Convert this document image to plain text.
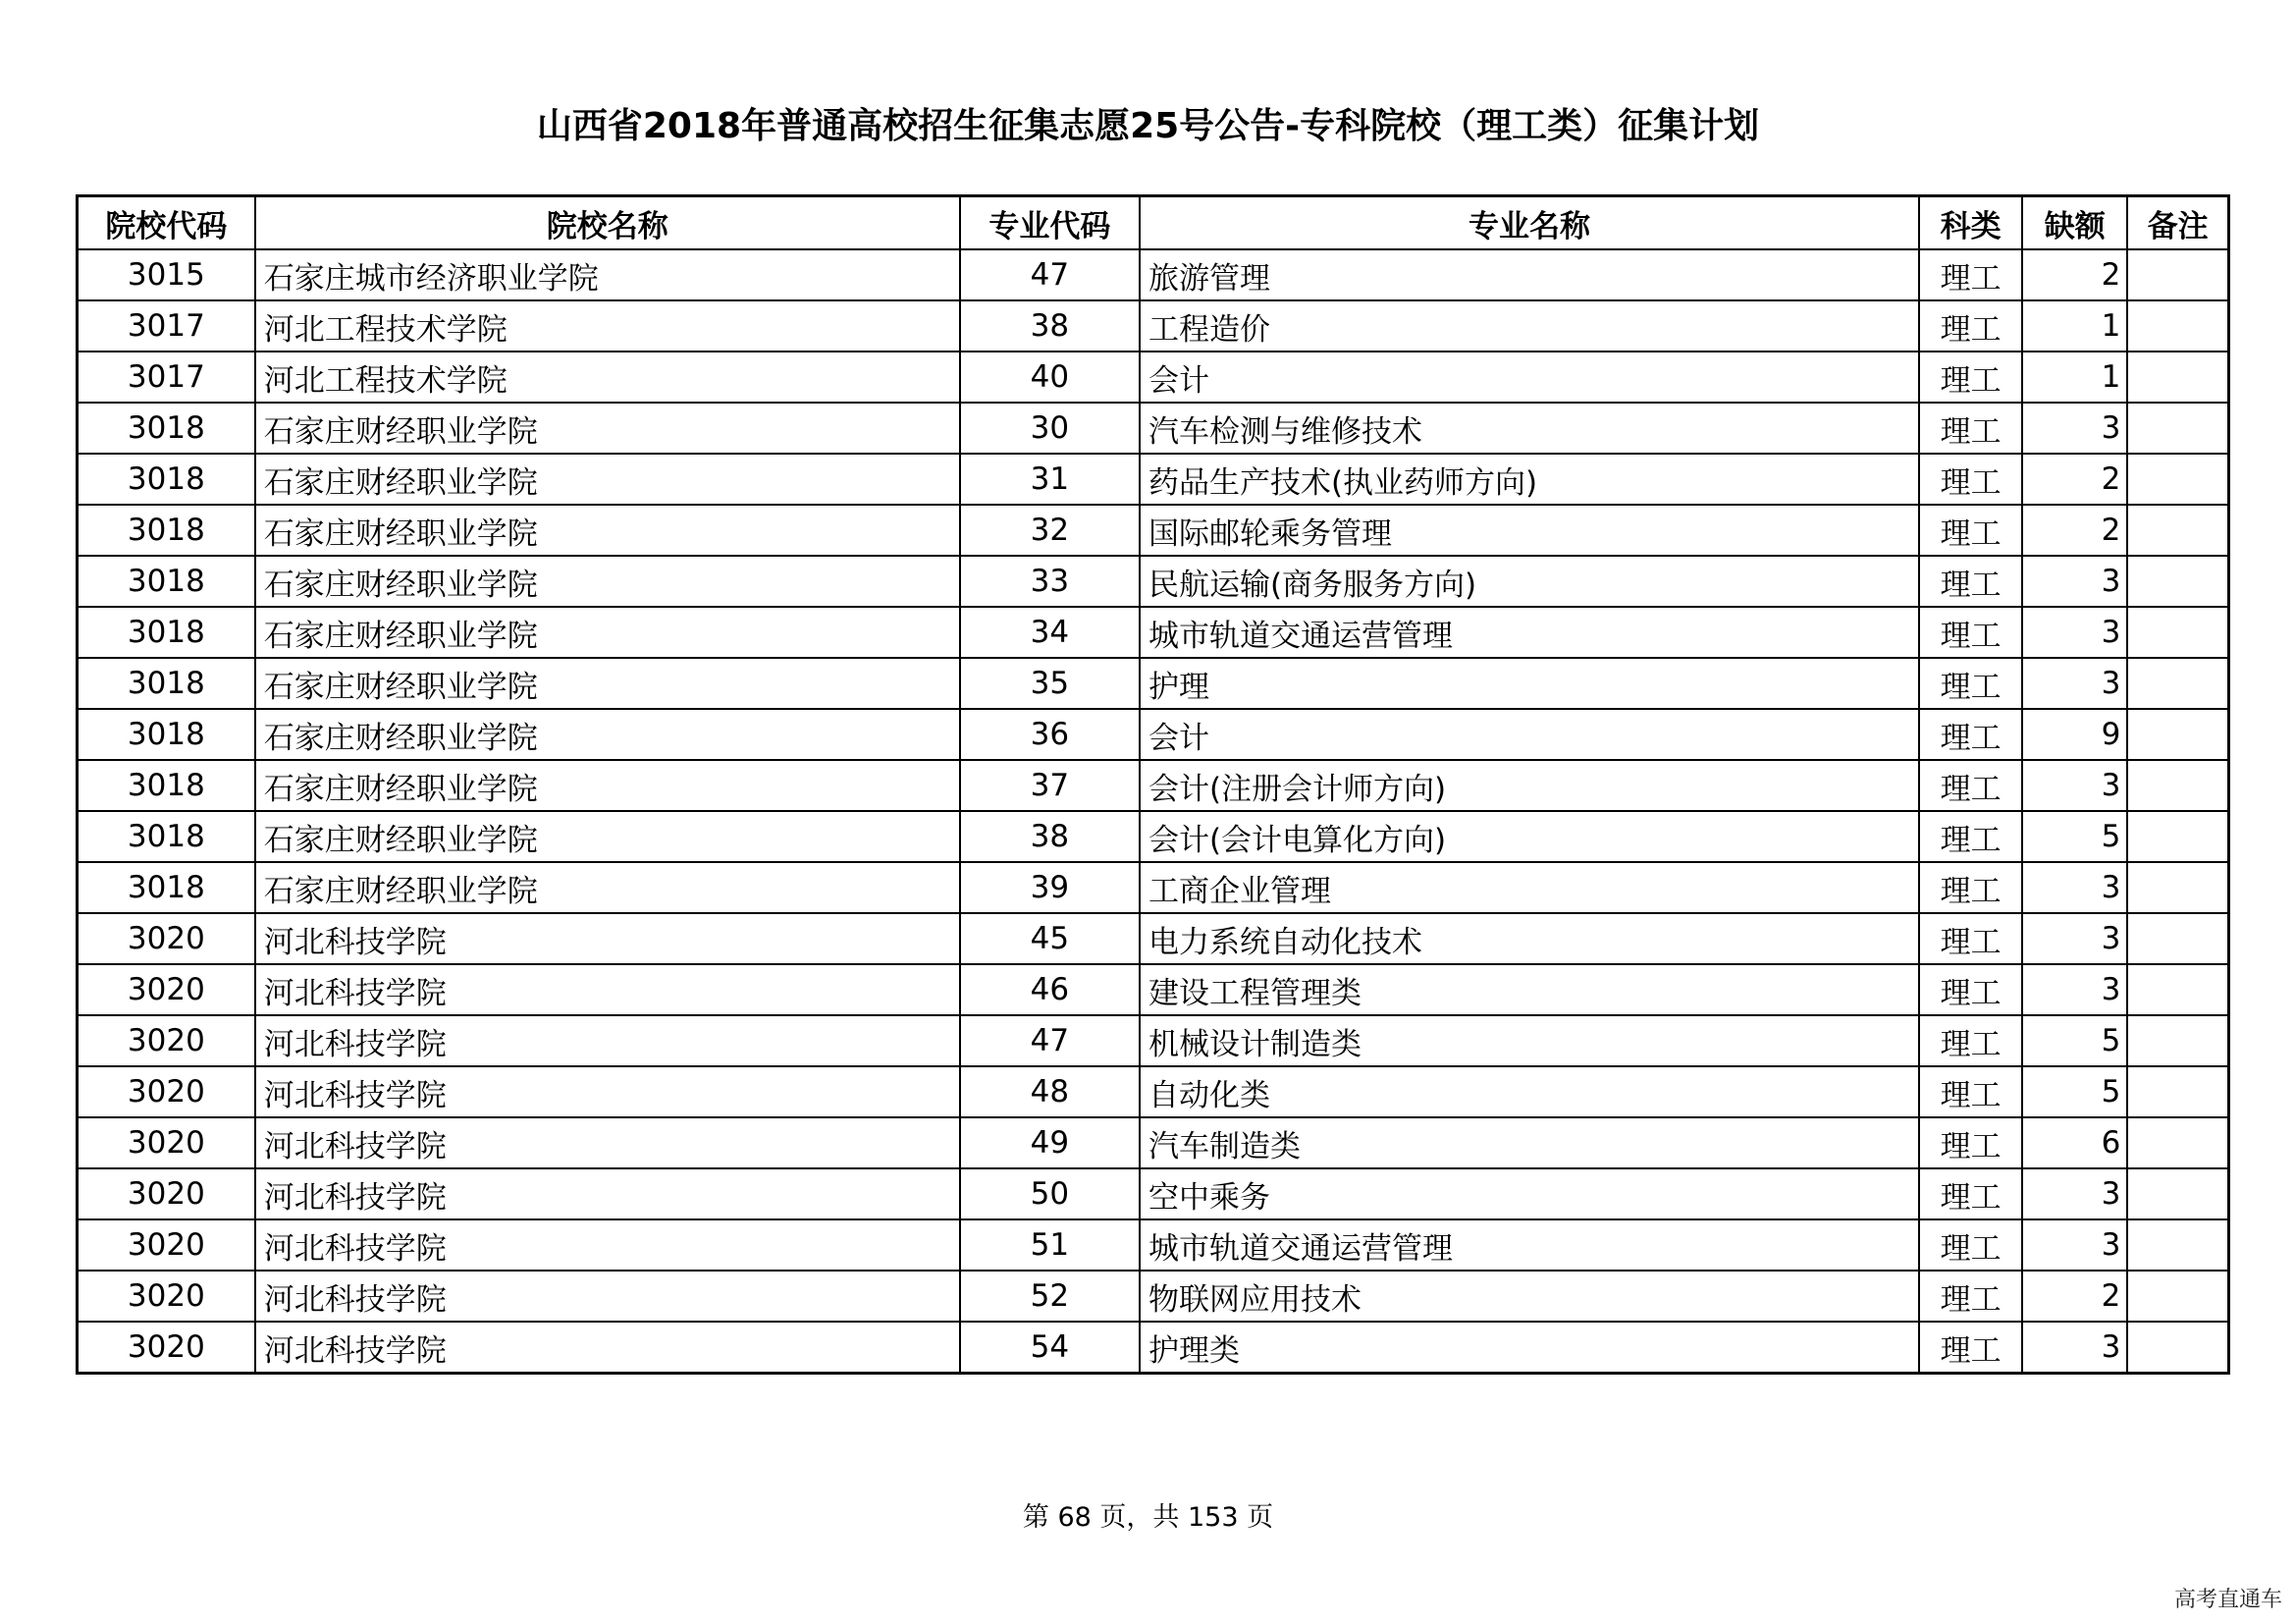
山西省2018年普通高校招生征集志愿25号公告-专科院校（理工类）征集计划
院校代码	院校名称	专业代码	专业名称	科类	缺额	备注
3015	石家庄城市经济职业学院	47	旅游管理	理工	2	
3017	河北工程技术学院	38	工程造价	理工	1	
3017	河北工程技术学院	40	会计	理工	1	
3018	石家庄财经职业学院	30	汽车检测与维修技术	理工	3	
3018	石家庄财经职业学院	31	药品生产技术(执业药师方向)	理工	2	
3018	石家庄财经职业学院	32	国际邮轮乘务管理	理工	2	
3018	石家庄财经职业学院	33	民航运输(商务服务方向)	理工	3	
3018	石家庄财经职业学院	34	城市轨道交通运营管理	理工	3	
3018	石家庄财经职业学院	35	护理	理工	3	
3018	石家庄财经职业学院	36	会计	理工	9	
3018	石家庄财经职业学院	37	会计(注册会计师方向)	理工	3	
3018	石家庄财经职业学院	38	会计(会计电算化方向)	理工	5	
3018	石家庄财经职业学院	39	工商企业管理	理工	3	
3020	河北科技学院	45	电力系统自动化技术	理工	3	
3020	河北科技学院	46	建设工程管理类	理工	3	
3020	河北科技学院	47	机械设计制造类	理工	5	
3020	河北科技学院	48	自动化类	理工	5	
3020	河北科技学院	49	汽车制造类	理工	6	
3020	河北科技学院	50	空中乘务	理工	3	
3020	河北科技学院	51	城市轨道交通运营管理	理工	3	
3020	河北科技学院	52	物联网应用技术	理工	2	
3020	河北科技学院	54	护理类	理工	3	
第 68 页，共 153 页
高考直通车
